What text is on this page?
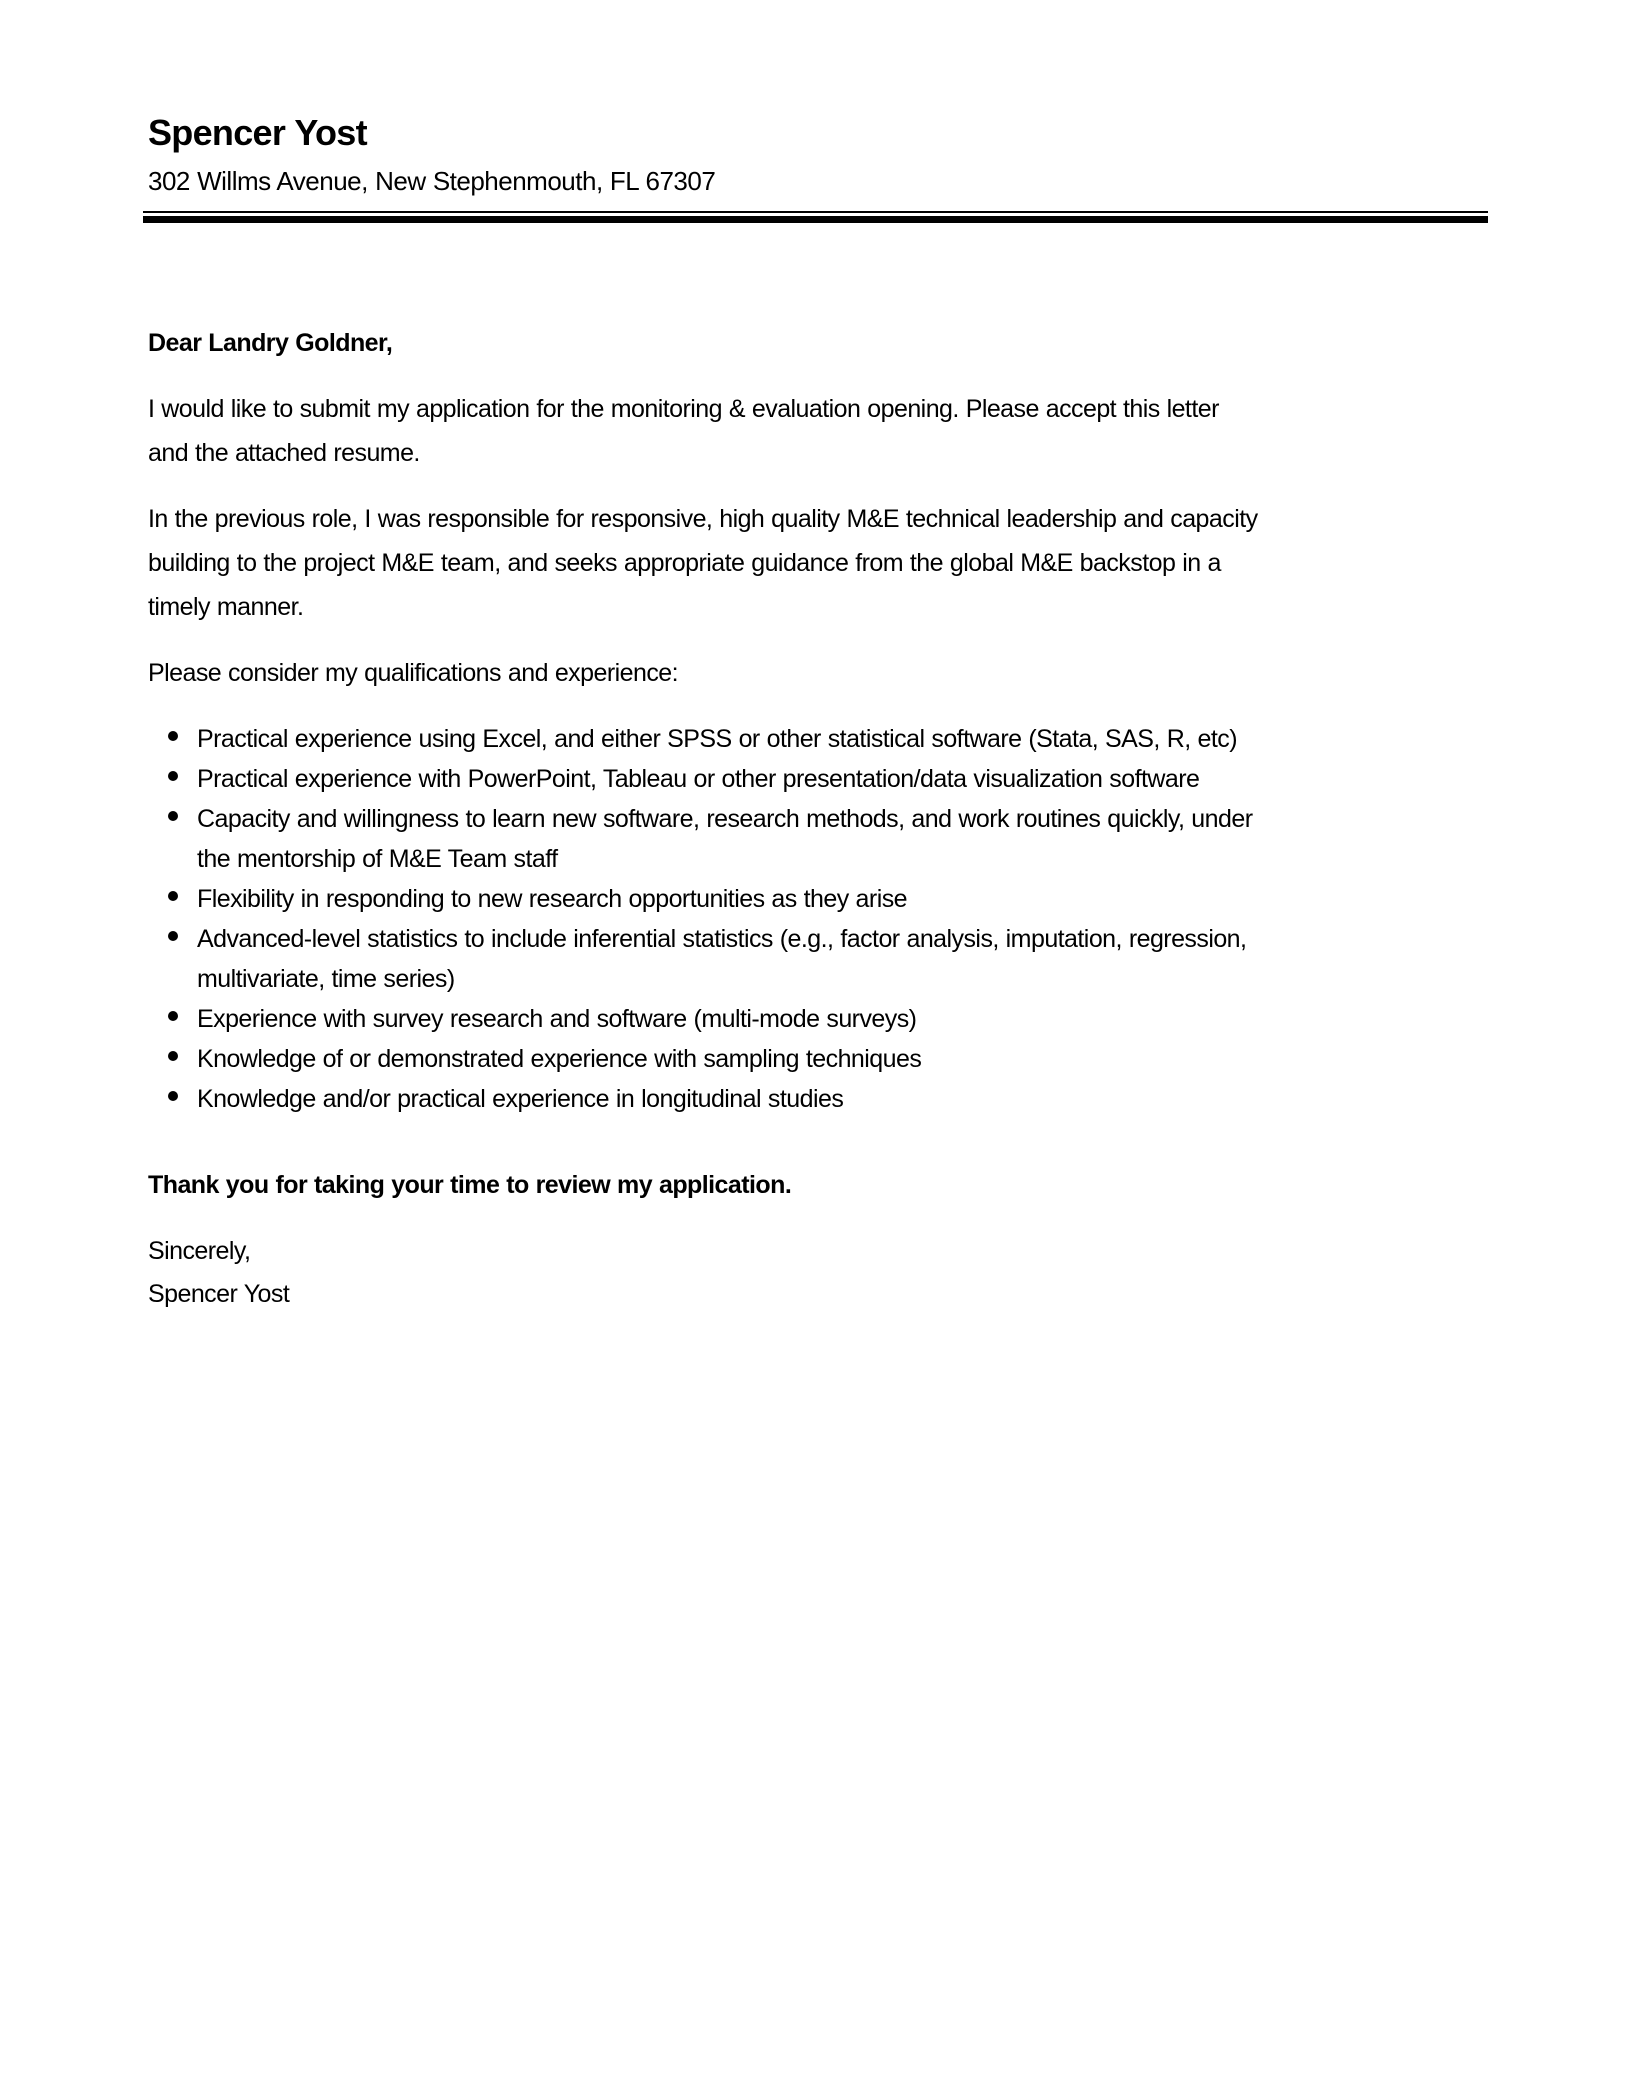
Spencer Yost
302 Willms Avenue, New Stephenmouth, FL 67307
Dear Landry Goldner,
I would like to submit my application for the monitoring & evaluation opening. Please accept this letter
and the attached resume.
In the previous role, I was responsible for responsive, high quality M&E technical leadership and capacity
building to the project M&E team, and seeks appropriate guidance from the global M&E backstop in a
timely manner.
Please consider my qualifications and experience:
Practical experience using Excel, and either SPSS or other statistical software (Stata, SAS, R, etc)
Practical experience with PowerPoint, Tableau or other presentation/data visualization software
Capacity and willingness to learn new software, research methods, and work routines quickly, under
the mentorship of M&E Team staff
Flexibility in responding to new research opportunities as they arise
Advanced-level statistics to include inferential statistics (e.g., factor analysis, imputation, regression,
multivariate, time series)
Experience with survey research and software (multi-mode surveys)
Knowledge of or demonstrated experience with sampling techniques
Knowledge and/or practical experience in longitudinal studies
Thank you for taking your time to review my application.
Sincerely,
Spencer Yost
